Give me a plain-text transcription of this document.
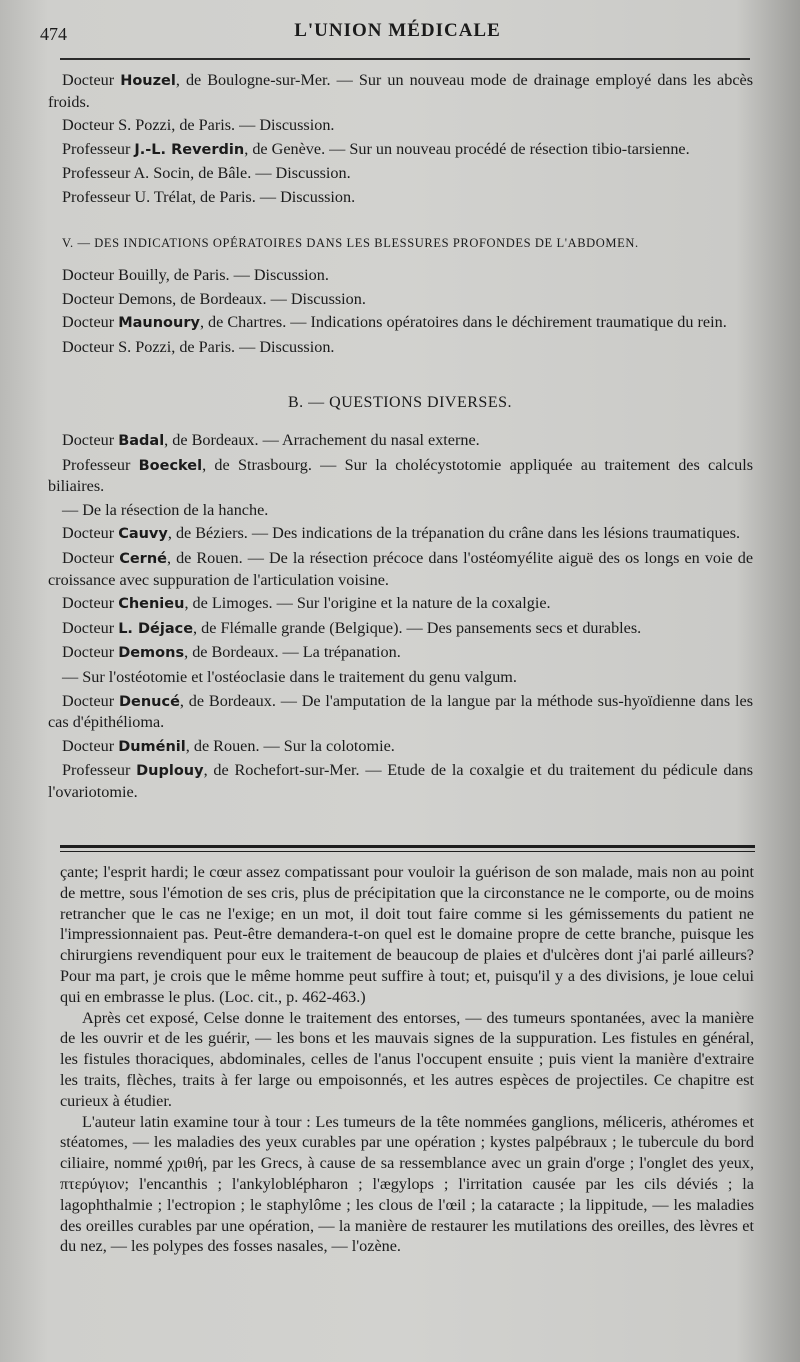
474	L'UNION MÉDICALE

Docteur Houzel, de Boulogne-sur-Mer. — Sur un nouveau mode de drainage employé dans les abcès froids.

Docteur S. Pozzi, de Paris. — Discussion.

Professeur J.-L. Reverdin, de Genève. — Sur un nouveau procédé de résection tibio-tarsienne.

Professeur A. Socin, de Bâle. — Discussion.

Professeur U. Trélat, de Paris. — Discussion.

V. — DES INDICATIONS OPÉRATOIRES DANS LES BLESSURES PROFONDES DE L'ABDOMEN.

Docteur Bouilly, de Paris. — Discussion.

Docteur Demons, de Bordeaux. — Discussion.

Docteur Maunoury, de Chartres. — Indications opératoires dans le déchirement traumatique du rein.

Docteur S. Pozzi, de Paris. — Discussion.

B. — QUESTIONS DIVERSES.

Docteur Badal, de Bordeaux. — Arrachement du nasal externe.

Professeur Boeckel, de Strasbourg. — Sur la cholécystotomie appliquée au traitement des calculs biliaires.

— De la résection de la hanche.

Docteur Cauvy, de Béziers. — Des indications de la trépanation du crâne dans les lésions traumatiques.

Docteur Cerné, de Rouen. — De la résection précoce dans l'ostéomyélite aiguë des os longs en voie de croissance avec suppuration de l'articulation voisine.

Docteur Chenieu, de Limoges. — Sur l'origine et la nature de la coxalgie.

Docteur L. Déjace, de Flémalle grande (Belgique). — Des pansements secs et durables.

Docteur Demons, de Bordeaux. — La trépanation.

— Sur l'ostéotomie et l'ostéoclasie dans le traitement du genu valgum.

Docteur Denucé, de Bordeaux. — De l'amputation de la langue par la méthode sus-hyoïdienne dans les cas d'épithélioma.

Docteur Duménil, de Rouen. — Sur la colotomie.

Professeur Duplouy, de Rochefort-sur-Mer. — Etude de la coxalgie et du traitement du pédicule dans l'ovariotomie.

çante; l'esprit hardi; le cœur assez compatissant pour vouloir la guérison de son malade, mais non au point de mettre, sous l'émotion de ses cris, plus de précipitation que la circonstance ne le comporte, ou de moins retrancher que le cas ne l'exige; en un mot, il doit tout faire comme si les gémissements du patient ne l'impressionnaient pas. Peut-être demandera-t-on quel est le domaine propre de cette branche, puisque les chirurgiens revendiquent pour eux le traitement de beaucoup de plaies et d'ulcères dont j'ai parlé ailleurs? Pour ma part, je crois que le même homme peut suffire à tout; et, puisqu'il y a des divisions, je loue celui qui en embrasse le plus. (Loc. cit., p. 462-463.)

Après cet exposé, Celse donne le traitement des entorses, — des tumeurs spontanées, avec la manière de les ouvrir et de les guérir, — les bons et les mauvais signes de la suppuration. Les fistules en général, les fistules thoraciques, abdominales, celles de l'anus l'occupent ensuite ; puis vient la manière d'extraire les traits, flèches, traits à fer large ou empoisonnés, et les autres espèces de projectiles. Ce chapitre est curieux à étudier.

L'auteur latin examine tour à tour : Les tumeurs de la tête nommées ganglions, méliceris, athéromes et stéatomes, — les maladies des yeux curables par une opération ; kystes palpébraux ; le tubercule du bord ciliaire, nommé χριθή, par les Grecs, à cause de sa ressemblance avec un grain d'orge ; l'onglet des yeux, πτερύγιον; l'encanthis ; l'ankyloblépharon ; l'ægylops ; l'irritation causée par les cils déviés ; la lagophthalmie ; l'ectropion ; le staphylôme ; les clous de l'œil ; la cataracte ; la lippitude, — les maladies des oreilles curables par une opération, — la manière de restaurer les mutilations des oreilles, des lèvres et du nez, — les polypes des fosses nasales, — l'ozène.
